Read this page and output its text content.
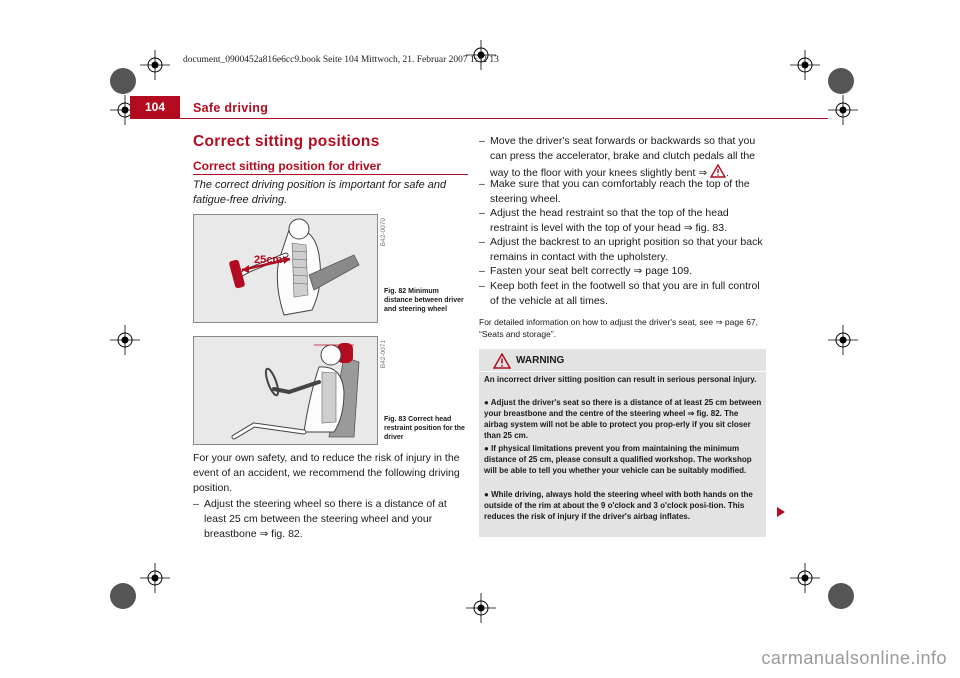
document_0900452a816e6cc9.book Seite 104 Mittwoch, 21. Februar 2007 1:32 13
104	Safe driving
Correct sitting positions
Correct sitting position for driver
The correct driving position is important for safe and fatigue-free driving.
25cm
B42-0070
Fig. 82 Minimum distance between driver and steering wheel
B42-0071
Fig. 83 Correct head restraint position for the driver
For your own safety, and to reduce the risk of injury in the event of an accident, we recommend the following driving position.
– Adjust the steering wheel so there is a distance of at least 25 cm between the steering wheel and your breastbone ⇒ fig. 82.
– Move the driver's seat forwards or backwards so that you can press the accelerator, brake and clutch pedals all the way to the floor with your knees slightly bent ⇒ .
– Make sure that you can comfortably reach the top of the steering wheel.
– Adjust the head restraint so that the top of the head restraint is level with the top of your head ⇒ fig. 83.
– Adjust the backrest to an upright position so that your back remains in contact with the upholstery.
– Fasten your seat belt correctly ⇒ page 109.
– Keep both feet in the footwell so that you are in full control of the vehicle at all times.
For detailed information on how to adjust the driver's seat, see ⇒ page 67, “Seats and storage”.
WARNING
An incorrect driver sitting position can result in serious personal injury.
● Adjust the driver's seat so there is a distance of at least 25 cm between your breastbone and the centre of the steering wheel ⇒ fig. 82. The airbag system will not be able to protect you prop-erly if you sit closer than 25 cm.
● If physical limitations prevent you from maintaining the minimum distance of 25 cm, please consult a qualified workshop. The workshop will be able to tell you whether your vehicle can be suitably modified.
● While driving, always hold the steering wheel with both hands on the outside of the rim at about the 9 o'clock and 3 o'clock posi-tion. This reduces the risk of injury if the driver's airbag inflates.
carmanualsonline.info
